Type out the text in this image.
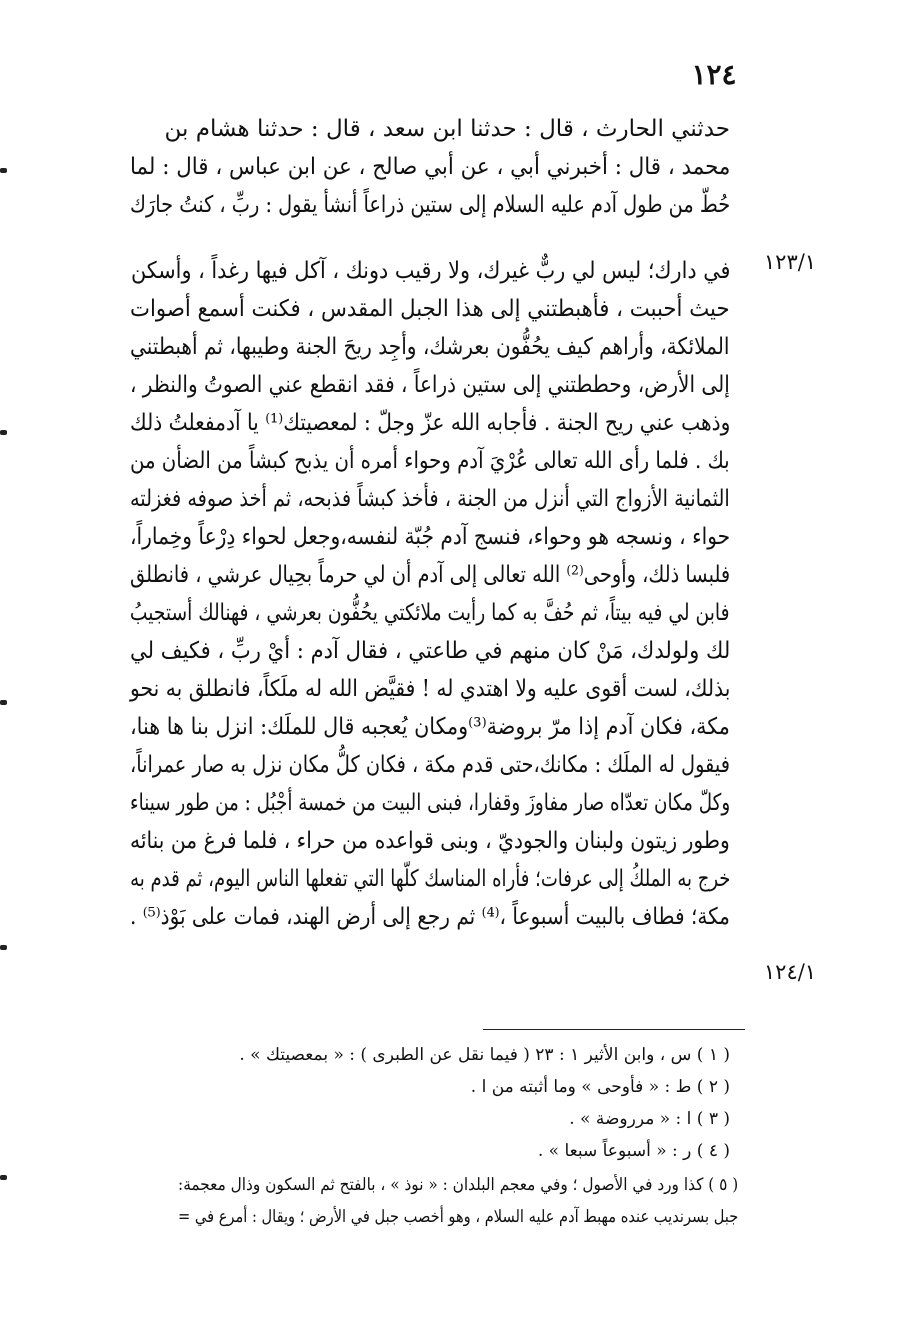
١٢٤
حدثني الحارث ، قال : حدثنا ابن سعد ، قال : حدثنا هشام بن
محمد ، قال : أخبرني أبي ، عن أبي صالح ، عن ابن عباس ، قال : لما
حُطّ من طول آدم عليه السلام إلى ستين ذراعاً أنشأ يقول : ربِّ ، كنتُ جارَك
في دارك؛ ليس لي ربٌّ غيرك، ولا رقيب دونك ، آكل فيها رغداً ، وأسكن
حيث أحببت ، فأهبطتني إلى هذا الجبل المقدس ، فكنت أسمع أصوات
الملائكة، وأراهم كيف يحُفُّون بعرشك، وأجِد ريحَ الجنة وطيبها، ثم أهبطتني
إلى الأرض، وحططتني إلى ستين ذراعاً ، فقد انقطع عني الصوتُ والنظر ،
وذهب عني ريح الجنة . فأجابه الله عزّ وجلّ : لمعصيتك⁽¹⁾ يا آدمفعلتُ ذلك
بك . فلما رأى الله تعالى عُرْيَ آدم وحواء أمره أن يذبح كبشاً من الضأن من
الثمانية الأزواج التي أنزل من الجنة ، فأخذ كبشاً فذبحه، ثم أخذ صوفه فغزلته
حواء ، ونسجه هو وحواء، فنسج آدم جُبّة لنفسه،وجعل لحواء دِرْعاً وخِماراً،
فلبسا ذلك، وأوحى⁽²⁾ الله تعالى إلى آدم أن لي حرماً بحِيال عرشي ، فانطلق
فابن لي فيه بيتاً، ثم حُفَّ به كما رأيت ملائكتي يحُفُّون بعرشي ، فهنالك أستجيبُ
لك ولولدك، مَنْ كان منهم في طاعتي ، فقال آدم : أيْ ربِّ ، فكيف لي
بذلك، لست أقوى عليه ولا اهتدي له ! فقيَّض الله له ملَكاً، فانطلق به نحو
مكة، فكان آدم إذا مرّ بروضة⁽³⁾ومكان يُعجبه قال للملَك: انزل بنا ها هنا،
فيقول له الملَك : مكانك،حتى قدم مكة ، فكان كلُّ مكان نزل به صار عمراناً،
وكلّ مكان تعدّاه صار مفاوزَ وقفارا، فبنى البيت من خمسة أجْبُل : من طور سيناء
وطور زيتون ولبنان والجوديّ ، وبنى قواعده من حراء ، فلما فرغ من بنائه
خرج به الملكُ إلى عرفات؛ فأراه المناسك كلّها التي تفعلها الناس اليوم، ثم قدم به
مكة؛ فطاف بالبيت أسبوعاً ،⁽⁴⁾ ثم رجع إلى أرض الهند، فمات على بَوْذ⁽⁵⁾ .
١٢٣/١
١٢٤/١
( ١ ) س ، وابن الأثير ١ : ٢٣ ( فيما نقل عن الطبرى ) : « بمعصيتك » .
( ٢ ) ط : « فأوحى » وما أثبته من ا .
( ٣ ) ا : « مرروضة » .
( ٤ ) ر : « أسبوعاً سبعا » .
( ٥ ) كذا ورد في الأصول ؛ وفي معجم البلدان : « نوذ » ، بالفتح ثم السكون وذال معجمة:
جبل بسرنديب عنده مهبط آدم عليه السلام ، وهو أخصب جبل في الأرض ؛ ويقال : أمرع في =
